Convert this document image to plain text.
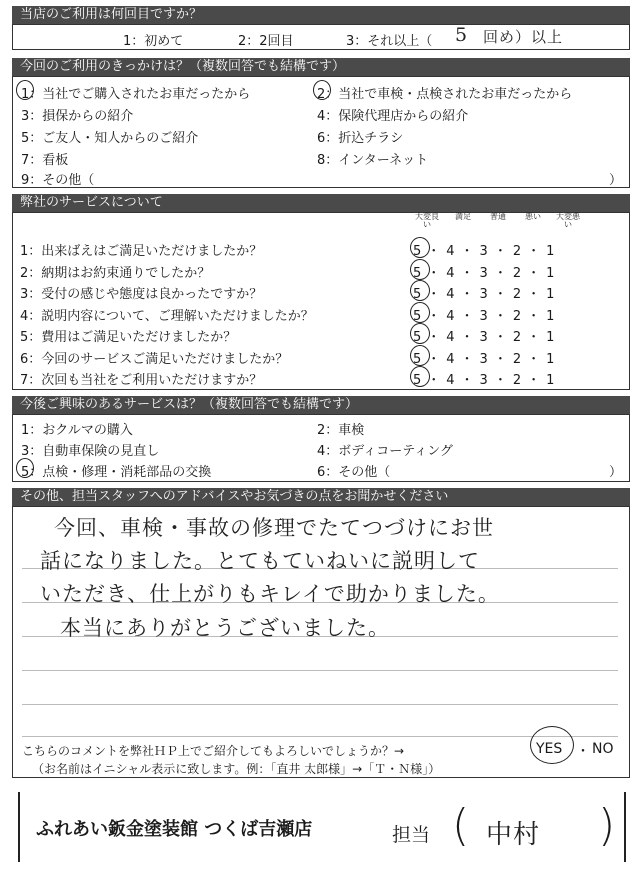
当店のご利用は何回目ですか？
1：初めて	2：2回目	3：それ以上（ 5 回め）以上
今回のご利用のきっかけは？（複数回答でも結構です）
1：当社でご購入されたお車だったから	2：当社で車検・点検されたお車だったから
3：損保からの紹介	4：保険代理店からの紹介
5：ご友人・知人からのご紹介	6：折込チラシ
7：看板	8：インターネット
9：その他（	）
弊社のサービスについて
大変良い
満足	普通	悪い	大変悪い
1：出来ばえはご満足いただけましたか？	5・4・3・2・1
2：納期はお約束通りでしたか？	5・4・3・2・1
3：受付の感じや態度は良かったですか？	5・4・3・2・1
4：説明内容について、ご理解いただけましたか？	5・4・3・2・1
5：費用はご満足いただけましたか？	5・4・3・2・1
6：今回のサービスご満足いただけましたか？	5・4・3・2・1
7：次回も当社をご利用いただけますか？	5・4・3・2・1
今後ご興味のあるサービスは？（複数回答でも結構です）
1：おクルマの購入	2：車検
3：自動車保険の見直し	4：ボディコーティング
5：点検・修理・消耗部品の交換	6：その他（	）
その他、担当スタッフへのアドバイスやお気づきの点をお聞かせください
今回、車検・事故の修理でたてつづけにお世
話になりました。とてもていねいに説明して
いただき、仕上がりもキレイで助かりました。
本当にありがとうございました。
こちらのコメントを弊社ＨＰ上でご紹介してもよろしいでしょうか？→	YES ・ NO
（お名前はイニシャル表示に致します。例：「直井 太郎様」→「Ｔ・Ｎ様」）
ふれあい鈑金塗装館 つくば吉瀬店	担当 ( 中村 )
